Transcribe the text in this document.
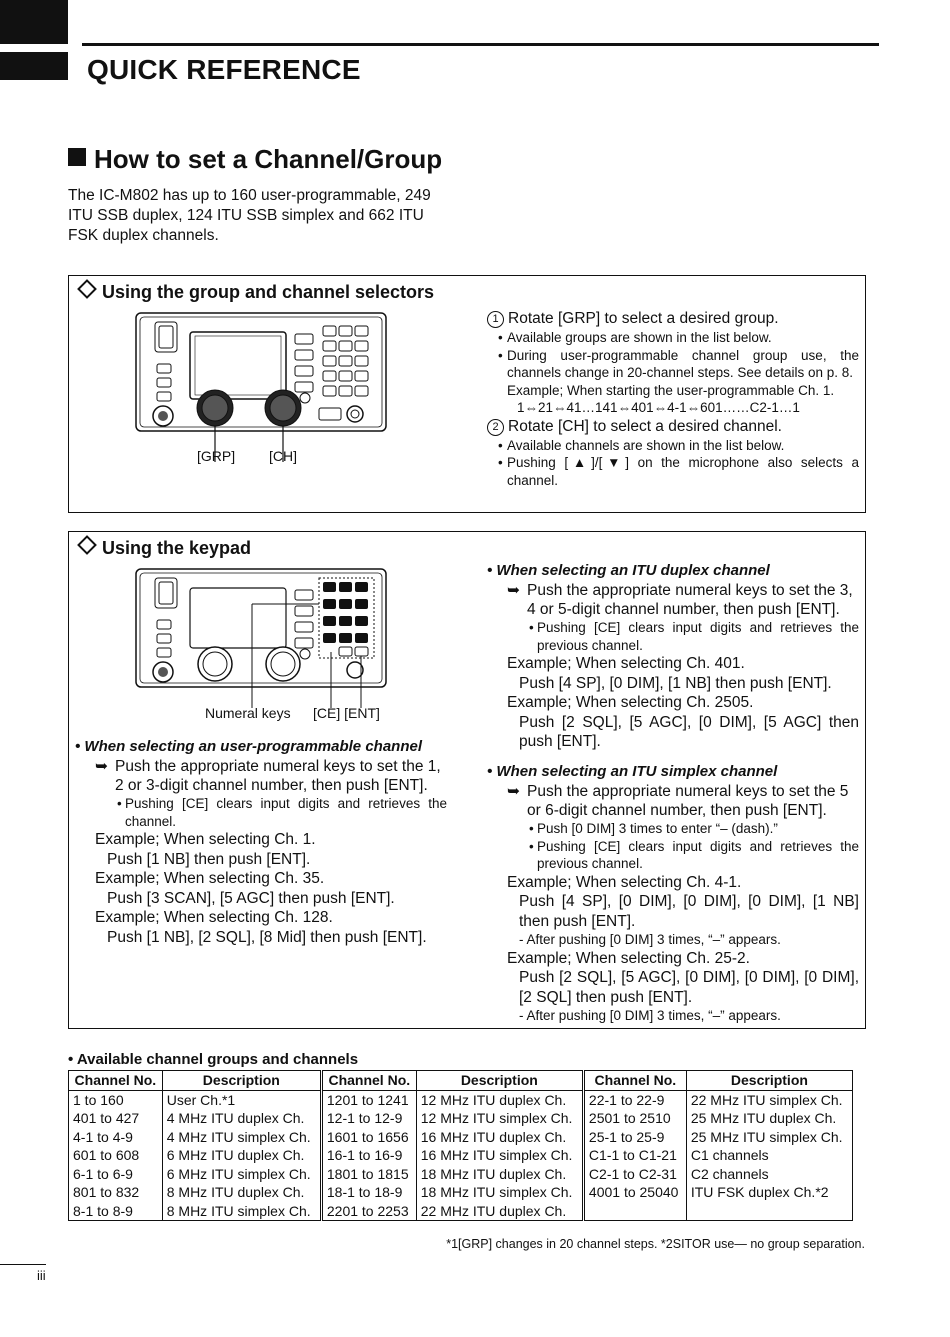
QUICK REFERENCE
How to set a Channel/Group
The IC-M802 has up to 160 user-programmable, 249 ITU SSB duplex, 124 ITU SSB simplex and 662 ITU FSK duplex channels.
Using the group and channel selectors
[GRP] [CH]
1 Rotate [GRP] to select a desired group.
• Available groups are shown in the list below.
• During user-programmable channel group use, the channels change in 20-channel steps. See details on p. 8.
Example; When starting the user-programmable Ch. 1.
1⇔21⇔41…141⇔401⇔4-1⇔601……C2-1…1
2 Rotate [CH] to select a desired channel.
• Available channels are shown in the list below.
• Pushing [▲]/[▼] on the microphone also selects a channel.
Using the keypad
Numeral keys [CE] [ENT]
• When selecting an user-programmable channel
➥ Push the appropriate numeral keys to set the 1, 2 or 3-digit channel number, then push [ENT].
• Pushing [CE] clears input digits and retrieves the channel.
Example; When selecting Ch. 1.
Push [1 NB] then push [ENT].
Example; When selecting Ch. 35.
Push [3 SCAN], [5 AGC] then push [ENT].
Example; When selecting Ch. 128.
Push [1 NB], [2 SQL], [8 Mid] then push [ENT].
• When selecting an ITU duplex channel
➥ Push the appropriate numeral keys to set the 3, 4 or 5-digit channel number, then push [ENT].
• Pushing [CE] clears input digits and retrieves the previous channel.
Example; When selecting Ch. 401.
Push [4 SP], [0 DIM], [1 NB] then push [ENT].
Example; When selecting Ch. 2505.
Push [2 SQL], [5 AGC], [0 DIM], [5 AGC] then push [ENT].
• When selecting an ITU simplex channel
➥ Push the appropriate numeral keys to set the 5 or 6-digit channel number, then push [ENT].
• Push [0 DIM] 3 times to enter “– (dash).”
• Pushing [CE] clears input digits and retrieves the previous channel.
Example; When selecting Ch. 4-1.
Push [4 SP], [0 DIM], [0 DIM], [0 DIM], [1 NB] then push [ENT].
- After pushing [0 DIM] 3 times, “–” appears.
Example; When selecting Ch. 25-2.
Push [2 SQL], [5 AGC], [0 DIM], [0 DIM], [0 DIM], [2 SQL] then push [ENT].
- After pushing [0 DIM] 3 times, “–” appears.
• Available channel groups and channels
Channel No.	Description	Channel No.	Description	Channel No.	Description
1 to 160	User Ch.*1	1201 to 1241	12 MHz ITU duplex Ch.	22-1 to 22-9	22 MHz ITU simplex Ch.
401 to 427	4 MHz ITU duplex Ch.	12-1 to 12-9	12 MHz ITU simplex Ch.	2501 to 2510	25 MHz ITU duplex Ch.
4-1 to 4-9	4 MHz ITU simplex Ch.	1601 to 1656	16 MHz ITU duplex Ch.	25-1 to 25-9	25 MHz ITU simplex Ch.
601 to 608	6 MHz ITU duplex Ch.	16-1 to 16-9	16 MHz ITU simplex Ch.	C1-1 to C1-21	C1 channels
6-1 to 6-9	6 MHz ITU simplex Ch.	1801 to 1815	18 MHz ITU duplex Ch.	C2-1 to C2-31	C2 channels
801 to 832	8 MHz ITU duplex Ch.	18-1 to 18-9	18 MHz ITU simplex Ch.	4001 to 25040	ITU FSK duplex Ch.*2
8-1 to 8-9	8 MHz ITU simplex Ch.	2201 to 2253	22 MHz ITU duplex Ch.		
*1[GRP] changes in 20 channel steps. *2SITOR use— no group separation.
iii
